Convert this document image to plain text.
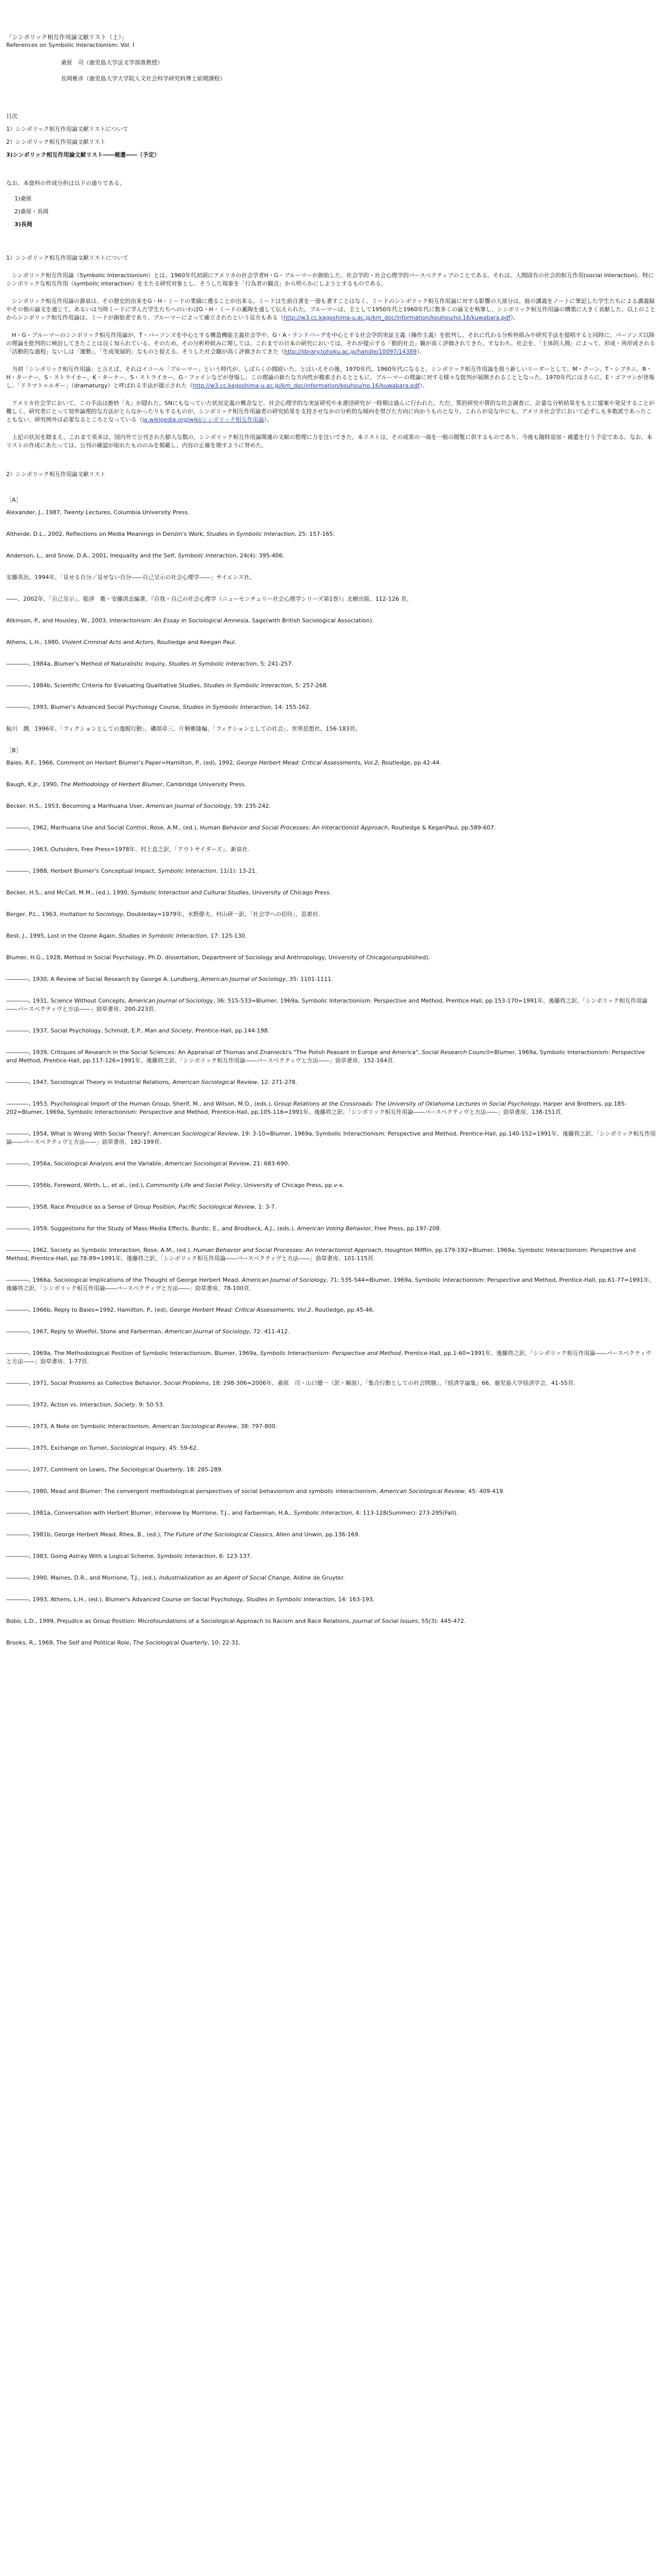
「シンボリック相互作用論文献リスト（上）」
References on Symbolic Interactionism: Vol. I
桑原　司（鹿児島大学法文学部准教授）
長岡雅彦（鹿児島大学大学院人文社会科学研究科博士前期課程）
目次
1）シンボリック相互作用論文献リストについて
2）シンボリック相互作用論文献リスト
3)シンボリック相互作用論文献リスト――補遺――（予定）
なお、本資料の作成分担は以下の通りである。
1)桑原
2)桑原・長岡
3)長岡
1）シンボリック相互作用論文献リストについて

　シンボリック相互作用論（Symbolic Interactionism）とは、1960年代初頭にアメリカの社会学者H・G・ブルーマーが創始した、社会学的・社会心理学的パースペクティブのことである。それは、人間固有の社会的相互作用(social interaction)、特にシンボリックな相互作用（symbolic interaction）を主たる研究対象とし、そうした現象を「行為者の観点」から明らかにしようとするものである。

　シンボリック相互作用論の源泉は、その歴史的由来をG・H・ミードの業績に遡ることが出来る。ミードは生前自著を一冊も著すことはなく、ミードのシンボリック相互作用論に対する影響の大部分は、彼の講義をノートに筆記した学生たちによる講義録やその他の論文を通じて、あるいは当時ミードに学んだ学生たちへのいわばG・H・ミードの薫陶を通して伝えられた。ブルーマーは、主として1950年代と1960年代に数多くの論文を執筆し、シンボリック相互作用論の構築に大きく貢献した。以上のことからシンボリック相互作用論は、ミードが創始者であり、ブルーマーによって確立されたという見方もある（http://w3.cc.kagoshima-u.ac.jp/km_doc/information/kouhou/no.16/kuwabara.pdf）。

　H・G・ブルーマーのシンボリック相互作用論が、T・パーソンズを中心とする構造機能主義社会学や、G・A・ランドバーグを中心とする社会学的実証主義（操作主義）を批判し、それに代わる分析枠組みや研究手法を提唱すると同時に、パーソンズ以降の理論を批判的に検討してきたことは良く知られている。そのため、その分析枠組みに関しては、これまでの日本の研究においては、それが提示する「動的社会」観が高く評価されてきた。すなわち、社会を、「主体的人間」によって、形成・再形成される「活動的な過程」ないしは「運動」、「生成発展的」なものと捉える。そうした社会観が高く評価されてきた（http://library.tohoku.ac.jp/handle/10097/14389）。

　当初「シンボリック相互作用論」と言えば、それはイコール「ブルーマー」という時代が、しばらくの間続いた。とはいえその後、1970年代、1960年代になると、シンボリック相互作用論を扱う新しいリーダーとして、M・クーン、T・シブタニ、R・H・ターナー、S・ストライカー、K・ターナー、S・ストライカー、G・ファインなどが登場し、この理論の新たな方向性が模索されるとともに、ブルーマーの理論に対する様々な批判が展開されることとなった。1970年代にはさらに、E・ゴフマンが登場し、「ドラマトゥルギー」（dramaturgy）と呼ばれる手法が提示された（http://w3.cc.kagoshima-u.ac.jp/km_doc/information/kouhou/no.16/kuwabara.pdf）。

　アメリカ社会学において、この手法は絶妙「丸」が隠れた、SNにもなっていた状況定義の概念など、社会心理学的な実証研究や本書団研究が一時期は盛んに行われた。ただ、質的研究や質的な社会調査に、計量な分析結果をもとに提案や発見することが難しく、研究者にとって効率論理的な方法がとらなかったりもするものが、シンボリック相互作用論者の研究結果を支持させなかの分析的な傾向を帯びた方向に向かうものとなり、これらが見な中にも、アメリカ社会学において必ずしも多数派であったこともない、研究例外は必要なるところとなっている（ja.wikipedia.org/wiki/シンボリック相互作用論）。

　上記の状況を踏まえ、これまで英米は、国内外で公刊された膨大な数の、シンボリック相互作用論関連の文献の整理に力を注いできた。本リストは、その成果の一端を一般の閲覧に供するものであり、今後も随時追加・補遺を行う予定である。なお、本リストの作成にあたっては、公刊の確認が取れたもののみを掲載し、内容の正確を期すように努めた。

2）シンボリック相互作用論文献リスト
［A］
Alexander, J., 1987, Twenty Lectures, Columbia University Press.
Altheide, D.L., 2002, Reflections on Media Meanings in Denzin's Work, Studies in Symbolic Interaction, 25: 157-165.
Anderson, L., and Snow, D.A., 2001, Inequality and the Self, Symbolic Interaction, 24(4): 395-406.
安藤英治、1994年、「見せる自分／見せない自分――自己呈示の社会心理学――」サイエンス社。
――、2002年、「自己呈示」、船津　衛・安藤清志編著、『自我・自己の社会心理学（ニューセンチュリー社会心理学シリーズ第1巻）』北樹出版、112-126 頁。
Atkinson, P., and Housley, W., 2003, Interactionism: An Essay in Sociological Amnesia, Sage(with British Sociological Association).
Athens, L.H., 1980, Violent Criminal Acts and Actors, Routledge and Keegan Paul.
――――, 1984a, Blumer's Method of Naturalistic Inquiry, Studies in Symbolic Interaction, 5: 241-257.
――――, 1984b, Scientific Criteria for Evaluating Qualitative Studies, Studies in Symbolic Interaction, 5: 257-268.
――――, 1993, Blumer's Advanced Social Psychology Course, Studies in Symbolic Interaction, 14: 155-162.
鮎川　潤、1996年、「フィクションとしての逸脱行動」、磯部卓三、片桐雅隆編、「フィクションとしての社会」、世界思想社、156-183頁。
［B］
Baies, R.F., 1966, Comment on Herbert Blumer's Paper=Hamilton, P., (ed), 1992, George Herbert Mead: Critical Assessments, Vol.2, Routledge, pp.42-44.
Baugh, K.Jr., 1990, The Methodology of Herbert Blumer, Cambridge University Press.
Becker, H.S., 1953, Becoming a Marihuana User, American Journal of Sociology, 59: 235-242.
――――, 1962, Marihuana Use and Social Control, Rose, A.M., (ed.), Human Behavior and Social Processes: An Interactionist Approach, Routledge & KeganPaul, pp.589-607.
――――, 1963, Outsiders, Free Press=1978年、村上直之訳、「アウトサイダーズ」、新泉社.
――――, 1988, Herbert Blumer's Conceptual Impact, Symbolic Interaction, 11(1): 13-21.
Becker, H.S., and McCall, M.M., (ed.), 1990, Symbolic Interaction and Cultural Studies, University of Chicago Press.
Berger, P.L., 1963, Invitation to Sociology, Doubleday=1979年、水野節夫、村山研一訳、「社会学への招待」、思索社.
Best, J., 1995, Lost in the Ozone Again, Studies in Symbolic Interaction, 17: 125-130.
Blumer, H.G., 1928, Method in Social Psychology, Ph.D. dissertation, Department of Sociology and Anthropology, University of Chicago(unpublished).
――――, 1930, A Review of Social Research by George A. Lundberg, American Journal of Sociology, 35: 1101-1111.
――――, 1931, Science Without Concepts, American Journal of Sociology, 36: 515-533=Blumer, 1969a, Symbolic Interactionism: Perspective and Method, Prentice-Hall, pp.153-170=1991年、後藤将之訳、「シンボリック相互作用論――パースペクティヴと方法――」勁草書房、200-223頁.
――――, 1937, Social Psychology, Schmidt, E.P., Man and Society, Prentice-Hall, pp.144-198.
――――, 1939, Critiques of Research in the Social Sciences: An Appraisal of Thomas and Znaniecki's "The Polish Peasant in Europe and America", Social Research Council=Blumer, 1969a, Symbolic Interactionism: Perspective and Method, Prentice-Hall, pp.117-126=1991年、後藤将之訳、「シンボリック相互作用論――パースペクティヴと方法――」勁草書房、152-164頁.
――――, 1947, Sociological Theory in Industrial Relations, American Sociological Review, 12: 271-278.
――――, 1953, Psychological Import of the Human Group, Sherif, M., and Wilson, M.O., (eds.), Group Relations at the Crossroads: The University of Oklahoma Lectures in Social Psychology, Harper and Brothers, pp.185-202=Blumer, 1969a, Symbolic Interactionism: Perspective and Method, Prentice-Hall, pp.105-116=1991年、後藤将之訳、「シンボリック相互作用論――パースペクティヴと方法――」勁草書房、138-151頁.
――――, 1954, What is Wrong With Social Theory?, American Sociological Review, 19: 3-10=Blumer, 1969a, Symbolic Interactionism: Perspective and Method, Prentice-Hall, pp.140-152=1991年、後藤将之訳、「シンボリック相互作用論――パースペクティヴと方法――」勁草書房、182-199頁.
――――, 1956a, Sociological Analysis and the Variable, American Sociological Review, 21: 683-690.
――――, 1956b, Foreword, Wirth, L., et al., (ed.), Community Life and Social Policy, University of Chicago Press, pp.v-x.
――――, 1958, Race Prejudice as a Sense of Group Position, Pacific Sociological Review, 1: 3-7.
――――, 1959, Suggestions for the Study of Mass-Media Effects, Burdic, E., and Brodbeck, A.J., (eds.), American Voting Behavior, Free Press, pp.197-208.
――――, 1962, Society as Symbolic Interaction, Rose, A.M., (ed.), Human Behavior and Social Processes: An Interactionist Approach, Houghton Mifflin, pp.179-192=Blumer, 1969a, Symbolic Interactionism: Perspective and Method, Prentice-Hall, pp.78-89=1991年、後藤将之訳、「シンボリック相互作用論――パースペクティヴと方法――」勁草書房、101-115頁.
――――, 1966a, Sociological Implications of the Thought of George Herbert Mead, American Journal of Sociology, 71: 535-544=Blumer, 1969a, Symbolic Interactionism: Perspective and Method, Prentice-Hall, pp.61-77=1991年、後藤将之訳、「シンボリック相互作用論――パースペクティヴと方法――」勁草書房、78-100頁.
――――, 1966b, Reply to Baies=1992, Hamilton, P., (ed), George Herbert Mead: Critical Assessments, Vol.2, Routledge, pp.45-46.
――――, 1967, Reply to Woelfel, Stone and Farberman, American Journal of Sociology, 72: 411-412.
――――, 1969a, The Methodological Position of Symbolic Interactionism, Blumer, 1969a, Symbolic Interactionism: Perspective and Method, Prentice-Hall, pp.1-60=1991年、後藤将之訳、「シンボリック相互作用論――パースペクティヴと方法――」勁草書房、1-77頁.
――――, 1971, Social Problems as Collective Behavior, Social Problems, 18: 298-306=2006年、桑原　司・山口健一（訳・解説）、「集合行動としての社会問題」、『経済学論集』66、鹿児島大学経済学会、41-55頁.
――――, 1972, Action vs. Interaction, Society, 9: 50-53.
――――, 1973, A Note on Symbolic Interactionism, American Sociological Review, 38: 797-800.
――――, 1975, Exchange on Turner, Sociological Inquiry, 45: 59-62.
――――, 1977, Comment on Lewis, The Sociological Quarterly, 18: 285-289.
――――, 1980, Mead and Blumer: The convergent methodological perspectives of social behaviorism and symbolic interactionism, American Sociological Review, 45: 409-419.
――――, 1981a, Conversation with Herbert Blumer, interview by Morrione, T.J., and Farberman, H.A., Symbolic Interaction, 4: 113-128(Summer): 273-295(Fall).
――――, 1981b, George Herbert Mead, Rhea, B., (ed.), The Future of the Sociological Classics, Allen and Unwin, pp.136-169.
――――, 1983, Going Astray With a Logical Scheme, Symbolic Interaction, 6: 123-137.
――――, 1990, Maines, D.R., and Morrione, T.J., (ed.), Industrialization as an Agent of Social Change, Aldine de Gruyter.
――――, 1993, Athens, L.H., (ed.), Blumer's Advanced Course on Social Psychology, Studies in Symbolic Interaction, 14: 163-193.
Bobo, L.D., 1999, Prejudice as Group Position: Microfoundations of a Sociological Approach to Racism and Race Relations, Journal of Social Issues, 55(3): 445-472.
Brooks, R., 1969, The Self and Political Role, The Sociological Quarterly, 10: 22-31.
